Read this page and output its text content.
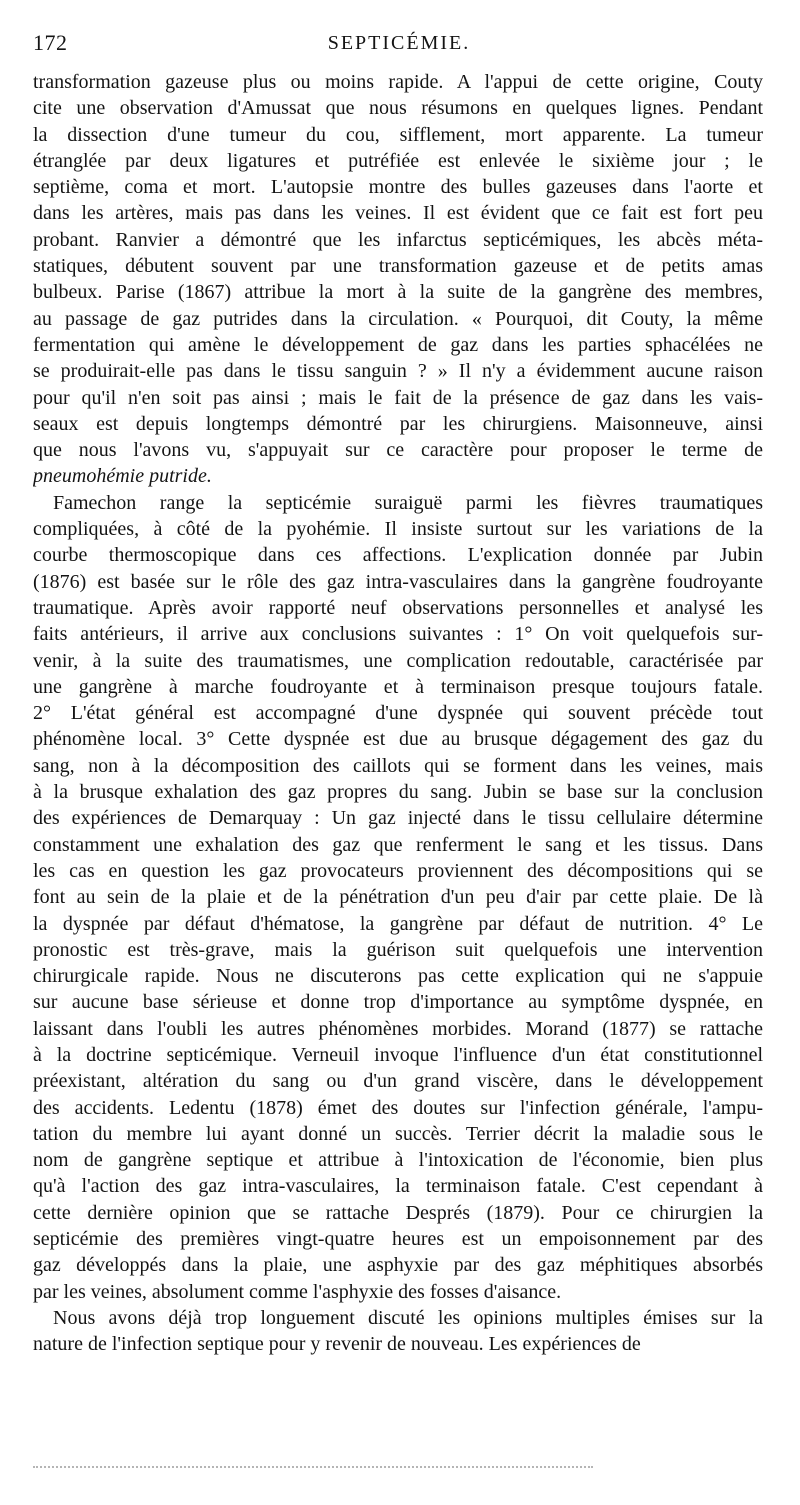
172	SEPTICÉMIE.
transformation gazeuse plus ou moins rapide. A l'appui de cette origine, Couty
cite une observation d'Amussat que nous résumons en quelques lignes. Pendant
la dissection d'une tumeur du cou, sifflement, mort apparente. La tumeur
étranglée par deux ligatures et putréfiée est enlevée le sixième jour ; le
septième, coma et mort. L'autopsie montre des bulles gazeuses dans l'aorte et
dans les artères, mais pas dans les veines. Il est évident que ce fait est fort peu
probant. Ranvier a démontré que les infarctus septicémiques, les abcès méta-
statiques, débutent souvent par une transformation gazeuse et de petits amas
bulbeux. Parise (1867) attribue la mort à la suite de la gangrène des membres,
au passage de gaz putrides dans la circulation. « Pourquoi, dit Couty, la même
fermentation qui amène le développement de gaz dans les parties sphacélées ne
se produirait-elle pas dans le tissu sanguin ? » Il n'y a évidemment aucune raison
pour qu'il n'en soit pas ainsi ; mais le fait de la présence de gaz dans les vais-
seaux est depuis longtemps démontré par les chirurgiens. Maisonneuve, ainsi
que nous l'avons vu, s'appuyait sur ce caractère pour proposer le terme de
pneumohémie putride.
Famechon range la septicémie suraiguë parmi les fièvres traumatiques
compliquées, à côté de la pyohémie. Il insiste surtout sur les variations de la
courbe thermoscopique dans ces affections. L'explication donnée par Jubin
(1876) est basée sur le rôle des gaz intra-vasculaires dans la gangrène foudroyante
traumatique. Après avoir rapporté neuf observations personnelles et analysé les
faits antérieurs, il arrive aux conclusions suivantes : 1° On voit quelquefois sur-
venir, à la suite des traumatismes, une complication redoutable, caractérisée par
une gangrène à marche foudroyante et à terminaison presque toujours fatale.
2° L'état général est accompagné d'une dyspnée qui souvent précède tout
phénomène local. 3° Cette dyspnée est due au brusque dégagement des gaz du
sang, non à la décomposition des caillots qui se forment dans les veines, mais
à la brusque exhalation des gaz propres du sang. Jubin se base sur la conclusion
des expériences de Demarquay : Un gaz injecté dans le tissu cellulaire détermine
constamment une exhalation des gaz que renferment le sang et les tissus. Dans
les cas en question les gaz provocateurs proviennent des décompositions qui se
font au sein de la plaie et de la pénétration d'un peu d'air par cette plaie. De là
la dyspnée par défaut d'hématose, la gangrène par défaut de nutrition. 4° Le
pronostic est très-grave, mais la guérison suit quelquefois une intervention
chirurgicale rapide. Nous ne discuterons pas cette explication qui ne s'appuie
sur aucune base sérieuse et donne trop d'importance au symptôme dyspnée, en
laissant dans l'oubli les autres phénomènes morbides. Morand (1877) se rattache
à la doctrine septicémique. Verneuil invoque l'influence d'un état constitutionnel
préexistant, altération du sang ou d'un grand viscère, dans le développement
des accidents. Ledentu (1878) émet des doutes sur l'infection générale, l'ampu-
tation du membre lui ayant donné un succès. Terrier décrit la maladie sous le
nom de gangrène septique et attribue à l'intoxication de l'économie, bien plus
qu'à l'action des gaz intra-vasculaires, la terminaison fatale. C'est cependant à
cette dernière opinion que se rattache Després (1879). Pour ce chirurgien la
septicémie des premières vingt-quatre heures est un empoisonnement par des
gaz développés dans la plaie, une asphyxie par des gaz méphitiques absorbés
par les veines, absolument comme l'asphyxie des fosses d'aisance.
Nous avons déjà trop longuement discuté les opinions multiples émises sur la
nature de l'infection septique pour y revenir de nouveau. Les expériences de
